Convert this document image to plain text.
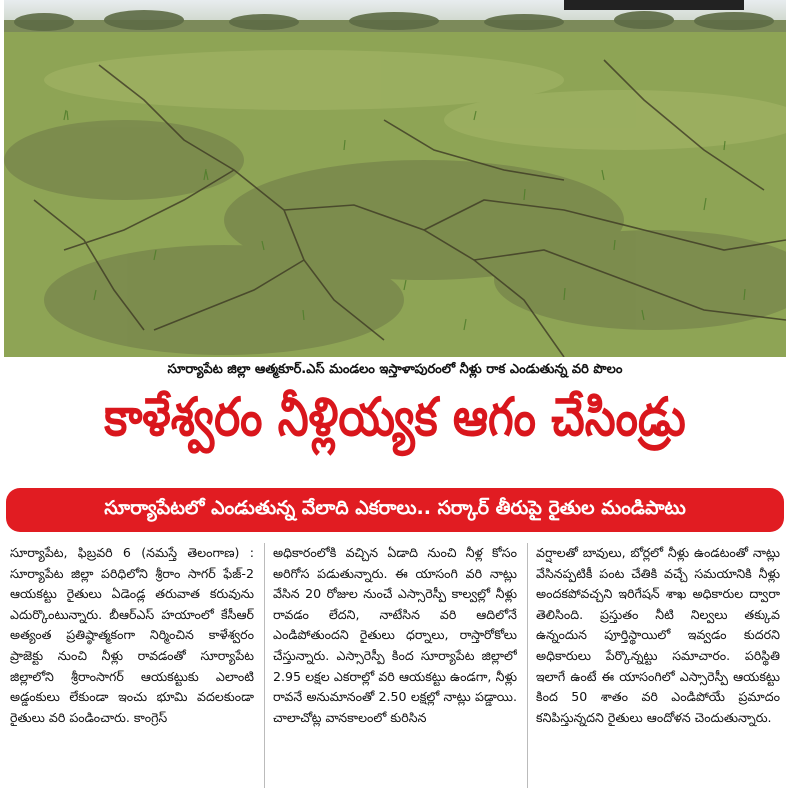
సూర్యాపేట జిల్లా ఆత్మకూర్.ఎస్ మండలం ఇస్తాళాపురంలో నీళ్లు రాక ఎండుతున్న వరి పొలం
కాళేశ్వరం నీళ్లియ్యక ఆగం చేసిండ్రు
సూర్యాపేటలో ఎండుతున్న వేలాది ఎకరాలు.. సర్కార్ తీరుపై రైతుల మండిపాటు
సూర్యాపేట, ఫిబ్రవరి 6 (నమస్తే తెలంగాణ) : సూర్యాపేట జిల్లా పరిధిలోని శ్రీరాం సాగర్ ఫేజ్-2 ఆయకట్టు రైతులు ఏడెండ్ల తరువాత కరువును ఎదుర్కొంటున్నారు. బీఆర్ఎస్ హయాంలో కేసీఆర్ అత్యంత ప్రతిష్ఠాత్మకంగా నిర్మించిన కాళేశ్వరం ప్రాజెక్టు నుంచి నీళ్లు రావడంతో సూర్యాపేట జిల్లాలోని శ్రీరాంసాగర్ ఆయకట్టుకు ఎలాంటి అడ్డంకులు లేకుండా ఇంచు భూమి వదలకుండా రైతులు వరి పండించారు. కాంగ్రెస్
అధికారంలోకి వచ్చిన ఏడాది నుంచి నీళ్ల కోసం అరిగోస పడుతున్నారు. ఈ యాసంగి వరి నాట్లు వేసిన 20 రోజుల నుంచే ఎస్సారెస్పీ కాల్వల్లో నీళ్లు రావడం లేదని, నాటేసిన వరి ఆదిలోనే ఎండిపోతుందని రైతులు ధర్నాలు, రాస్తారోకోలు చేస్తున్నారు. ఎస్సారెస్పీ కింద సూర్యాపేట జిల్లాలో 2.95 లక్షల ఎకరాల్లో వరి ఆయకట్టు ఉండగా, నీళ్లు రావనే అనుమానంతో 2.50 లక్షల్లో నాట్లు పడ్డాయి. చాలాచోట్ల వానకాలంలో కురిసిన
వర్షాలతో బావులు, బోర్లలో నీళ్లు ఉండటంతో నాట్లు వేసినప్పటికీ పంట చేతికి వచ్చే సమయానికి నీళ్లు అందకపోవచ్చని ఇరిగేషన్ శాఖ అధికారుల ద్వారా తెలిసింది. ప్రస్తుతం నీటి నిల్వలు తక్కువ ఉన్నందున పూర్తిస్థాయిలో ఇవ్వడం కుదరని అధికారులు పేర్కొన్నట్టు సమాచారం. పరిస్థితి ఇలాగే ఉంటే ఈ యాసంగిలో ఎస్సారెస్పీ ఆయకట్టు కింద 50 శాతం వరి ఎండిపోయే ప్రమాదం కనిపిస్తున్నదని రైతులు ఆందోళన చెందుతున్నారు.
